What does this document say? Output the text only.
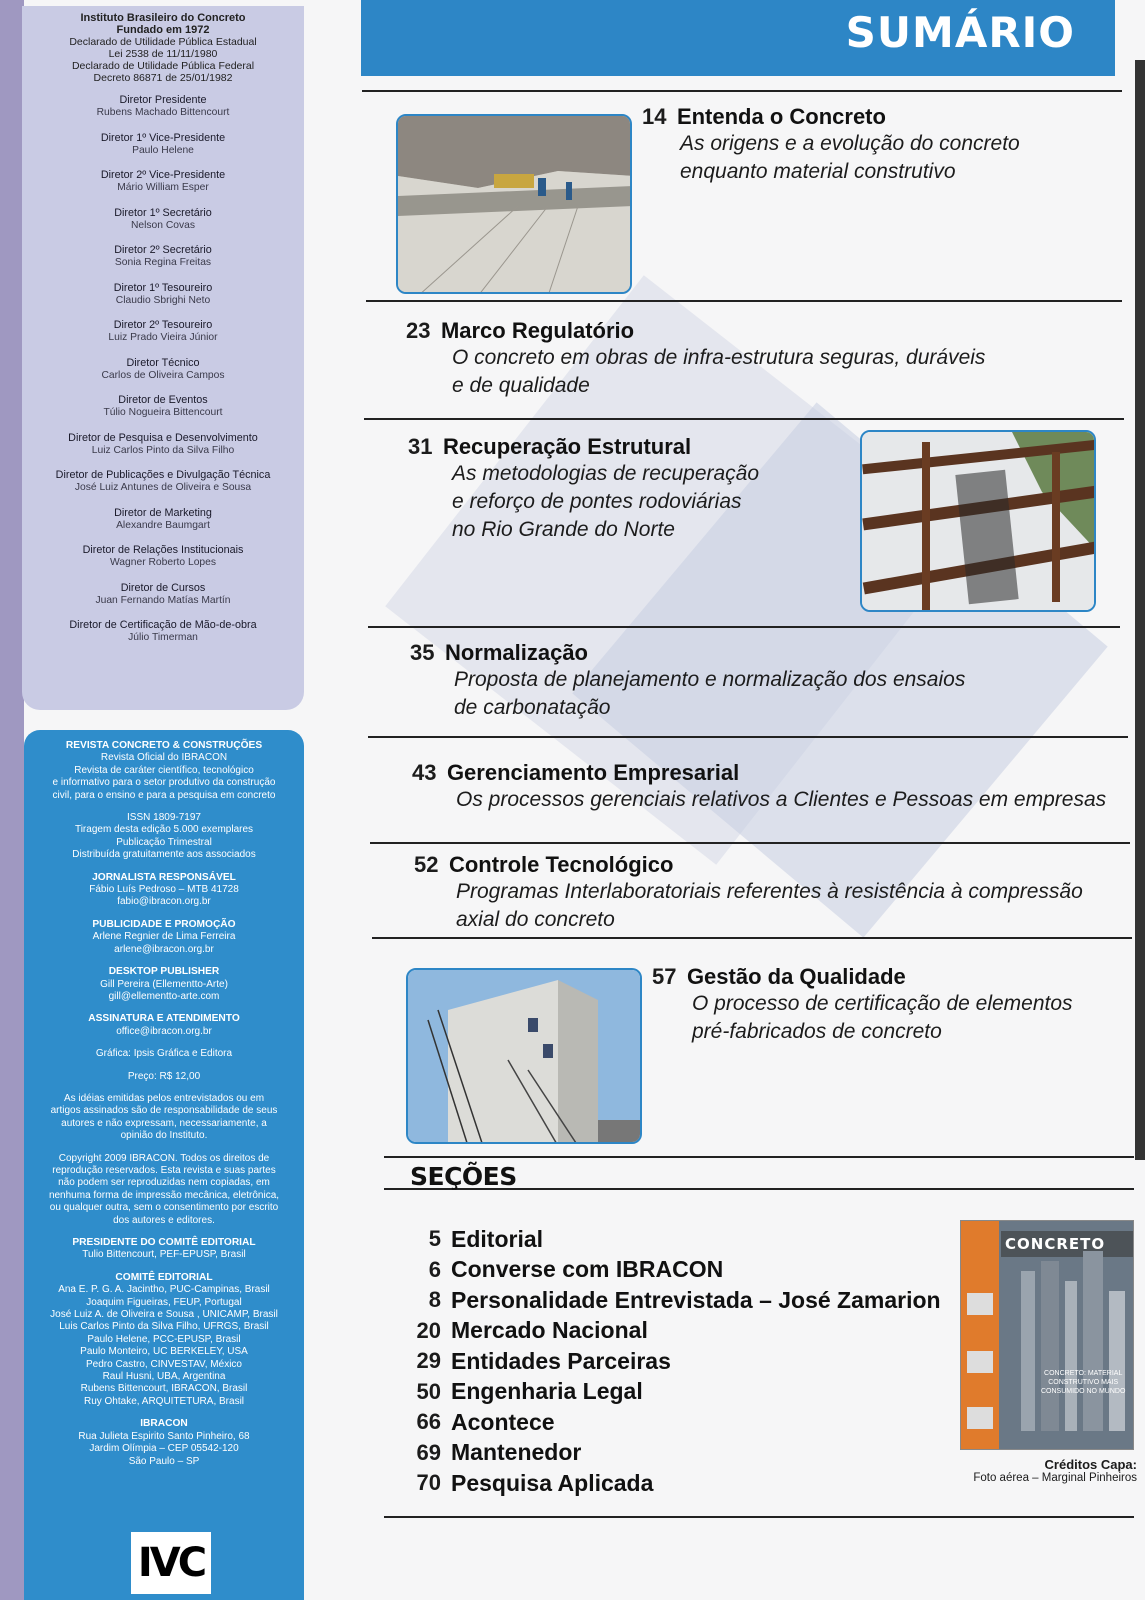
Instituto Brasileiro do Concreto
Fundado em 1972
Declarado de Utilidade Pública Estadual
Lei 2538 de 11/11/1980
Declarado de Utilidade Pública Federal
Decreto 86871 de 25/01/1982
Diretor Presidente
Rubens Machado Bittencourt
Diretor 1º Vice-Presidente
Paulo Helene
Diretor 2º Vice-Presidente
Mário William Esper
Diretor 1º Secretário
Nelson Covas
Diretor 2º Secretário
Sonia Regina Freitas
Diretor 1º Tesoureiro
Claudio Sbrighi Neto
Diretor 2º Tesoureiro
Luiz Prado Vieira Júnior
Diretor Técnico
Carlos de Oliveira Campos
Diretor de Eventos
Túlio Nogueira Bittencourt
Diretor de Pesquisa e Desenvolvimento
Luiz Carlos Pinto da Silva Filho
Diretor de Publicações e Divulgação Técnica
José Luiz Antunes de Oliveira e Sousa
Diretor de Marketing
Alexandre Baumgart
Diretor de Relações Institucionais
Wagner Roberto Lopes
Diretor de Cursos
Juan Fernando Matías Martín
Diretor de Certificação de Mão-de-obra
Júlio Timerman

REVISTA CONCRETO & CONSTRUÇÕES

Revista Oficial do IBRACON

Revista de caráter científico, tecnológico

e informativo para o setor produtivo da construção

civil, para o ensino e para a pesquisa em concreto

ISSN 1809-7197

Tiragem desta edição 5.000 exemplares

Publicação Trimestral

Distribuída gratuitamente aos associados

JORNALISTA RESPONSÁVEL

Fábio Luís Pedroso – MTB 41728

fabio@ibracon.org.br

PUBLICIDADE E PROMOÇÃO

Arlene Regnier de Lima Ferreira

arlene@ibracon.org.br

DESKTOP PUBLISHER

Gill Pereira (Ellementto-Arte)

gill@ellementto-arte.com

ASSINATURA E ATENDIMENTO

office@ibracon.org.br

Gráfica: Ipsis Gráfica e Editora

Preço: R$ 12,00

As idéias emitidas pelos entrevistados ou em

artigos assinados são de responsabilidade de seus

autores e não expressam, necessariamente, a

opinião do Instituto.

Copyright 2009 IBRACON. Todos os direitos de

reprodução reservados. Esta revista e suas partes

não podem ser reproduzidas nem copiadas, em

nenhuma forma de impressão mecânica, eletrônica,

ou qualquer outra, sem o consentimento por escrito

dos autores e editores.

PRESIDENTE DO COMITÊ EDITORIAL

Tulio Bittencourt, PEF-EPUSP, Brasil

COMITÊ EDITORIAL

Ana E. P. G. A. Jacintho, PUC-Campinas, Brasil

Joaquim Figueiras, FEUP, Portugal

José Luiz A. de Oliveira e Sousa , UNICAMP, Brasil

Luis Carlos Pinto da Silva Filho, UFRGS, Brasil

Paulo Helene, PCC-EPUSP, Brasil

Paulo Monteiro, UC BERKELEY, USA

Pedro Castro, CINVESTAV, México

Raul Husni, UBA, Argentina

Rubens Bittencourt, IBRACON, Brasil

Ruy Ohtake, ARQUITETURA, Brasil

IBRACON

Rua Julieta Espirito Santo Pinheiro, 68

Jardim Olímpia – CEP 05542-120

São Paulo – SP

IVC
SUMÁRIO
14 Entenda o Concreto
As origens e a evolução do concreto
enquanto material construtivo
23 Marco Regulatório
O concreto em obras de infra-estrutura seguras, duráveis
e de qualidade
31 Recuperação Estrutural
As metodologias de recuperação
e reforço de pontes rodoviárias
no Rio Grande do Norte
35 Normalização
Proposta de planejamento e normalização dos ensaios
de carbonatação
43 Gerenciamento Empresarial
Os processos gerenciais relativos a Clientes e Pessoas em empresas
52 Controle Tecnológico
Programas Interlaboratoriais referentes à resistência à compressão
axial do concreto
57 Gestão da Qualidade
O processo de certificação de elementos
pré-fabricados de concreto
SEÇÕES
5 Editorial
6 Converse com IBRACON
8 Personalidade Entrevistada – José Zamarion
20 Mercado Nacional
29 Entidades Parceiras
50 Engenharia Legal
66 Acontece
69 Mantenedor
70 Pesquisa Aplicada
CONCRETO
CONCRETO: MATERIAL
CONSTRUTIVO MAIS
CONSUMIDO NO MUNDO
Créditos Capa:
Foto aérea – Marginal Pinheiros
